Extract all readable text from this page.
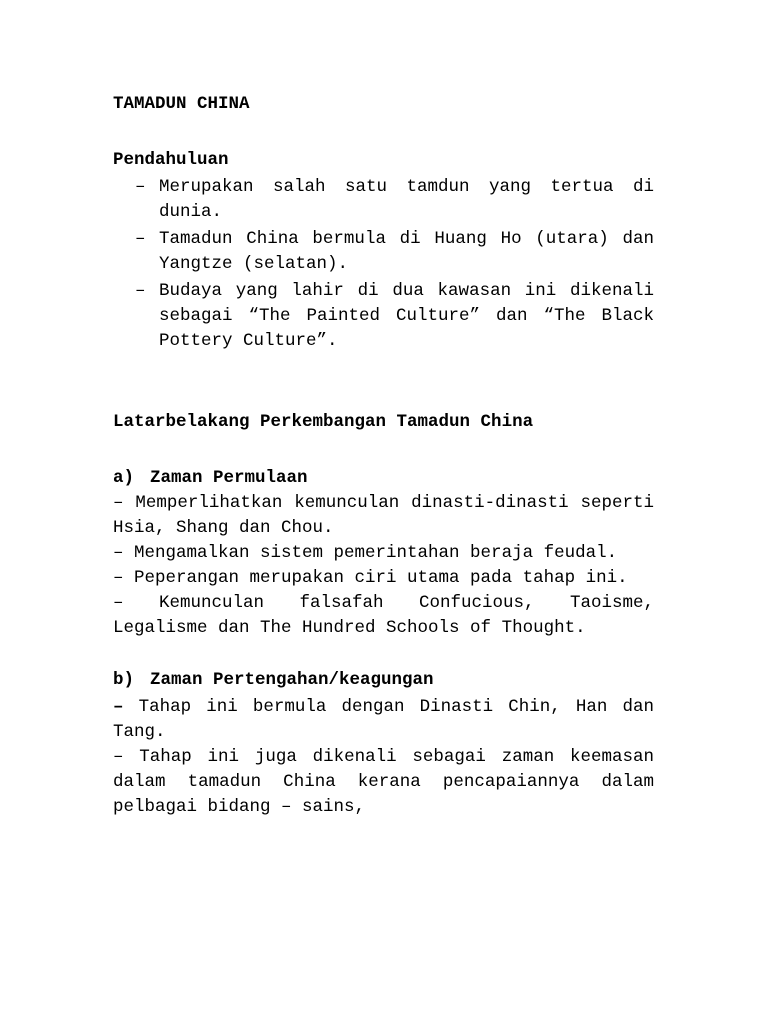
TAMADUN CHINA

Pendahuluan

– Merupakan salah satu tamdun yang tertua di dunia.
– Tamadun China bermula di Huang Ho (utara) dan Yangtze (selatan).
– Budaya yang lahir di dua kawasan ini dikenali sebagai “The Painted Culture” dan “The Black Pottery Culture”.

Latarbelakang Perkembangan Tamadun China

a) Zaman Permulaan

– Memperlihatkan kemunculan dinasti-dinasti seperti Hsia, Shang dan Chou.

– Mengamalkan sistem pemerintahan beraja feudal.

– Peperangan merupakan ciri utama pada tahap ini.

– Kemunculan falsafah Confucious, Taoisme, Legalisme dan The Hundred Schools of Thought.

b) Zaman Pertengahan/keagungan

– Tahap ini bermula dengan Dinasti Chin, Han dan Tang.

– Tahap ini juga dikenali sebagai zaman keemasan dalam tamadun China kerana pencapaiannya dalam pelbagai bidang – sains,
